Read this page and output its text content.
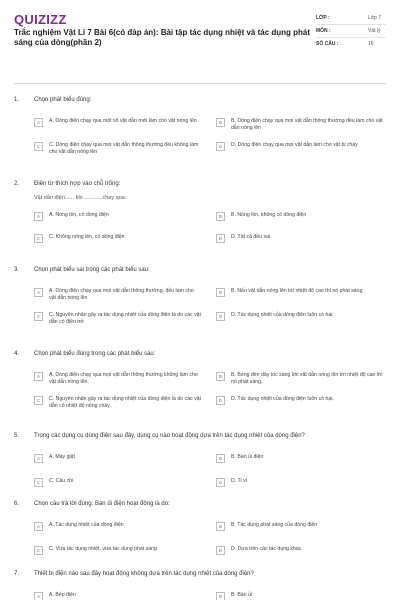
QUIZIZZ
Trắc nghiệm Vật Lí 7 Bài 6(có đáp án): Bài tập tác dụng nhiệt và tác dụng phát sáng của dòng(phần 2)
LỚP :	Lớp 7
MÔN :	Vật lý
SỐ CÂU :	16
1.	Chọn phát biểu đúng:
A	A. Dòng điện chạy qua một số vật dẫn mới làm cho vật nóng lên	B	B. Dòng điện chạy qua mọi vật dẫn thông thường đều làm cho vật dẫn nóng lên
C	C. Dòng điện chạy qua mọi vật dẫn thông thường đều không làm cho vật dẫn nóng lên
D	D. Dòng điện chạy qua mọi vật dẫn làm cho vật bị cháy
2.	Điền từ thích hợp vào chỗ trống:
Vật dẫn điện...... khi ............chạy qua.
A	A. Nóng lên, có dòng điện	B	B. Nóng lên, không có dòng điện
C	C. Không nóng lên, có dòng điện	D	D. Tất cả đều sai
3.	Chọn phát biểu sai trong các phát biểu sau:
A	A. Dòng điện chạy qua mọi vật dẫn thông thường, đều làm cho vật dẫn nóng lên
B	B. Nếu vật dẫn nóng lên tới nhiệt độ cao thì nó phát sáng
C	C. Nguyên nhân gây ra tác dụng nhiệt của dòng điện là do các vật dẫn có điện trở
D	D. Tác dụng nhiệt của dòng điện luôn có hại
4.	Chọn phát biểu đúng trong các phát biểu sau:
A	A. Dòng điện chạy qua mọi vật dẫn thông thường không làm cho vật dẫn nóng lên.
B	B. Bóng đèn dây tóc sáng khi vật dẫn nóng lên tới nhiệt độ cao thì nó phát sáng.
C	C. Nguyên nhân gây ra tác dụng nhiệt của dòng điện là do các vật dẫn có nhiệt độ nóng chảy.
D	D. Tác dụng nhiệt của dòng điện luôn có hại.
5.	Trong các dụng cụ dùng điện sau đây, dụng cụ nào hoạt động dựa trên tác dụng nhiệt của dòng điện?
A	A. Máy giặt	B	B. Bàn ủi điện
C	C. Cầu chì	D	D. Ti vi
6.	Chọn câu trả lời đúng: Bàn ủi điện hoạt động là do:
A	A. Tác dụng nhiệt của dòng điện	B	B. Tác dụng phát sáng của dòng điện
C	C. Vừa tác dụng nhiệt, vừa tác dụng phát sáng	D	D. Dựa trên các tác dụng khác
7.	Thiết bị điện nào sau đây hoạt động không dựa trên tác dụng nhiệt của dòng điện?
A	A. Bếp điện	B	B. Bàn ủi
